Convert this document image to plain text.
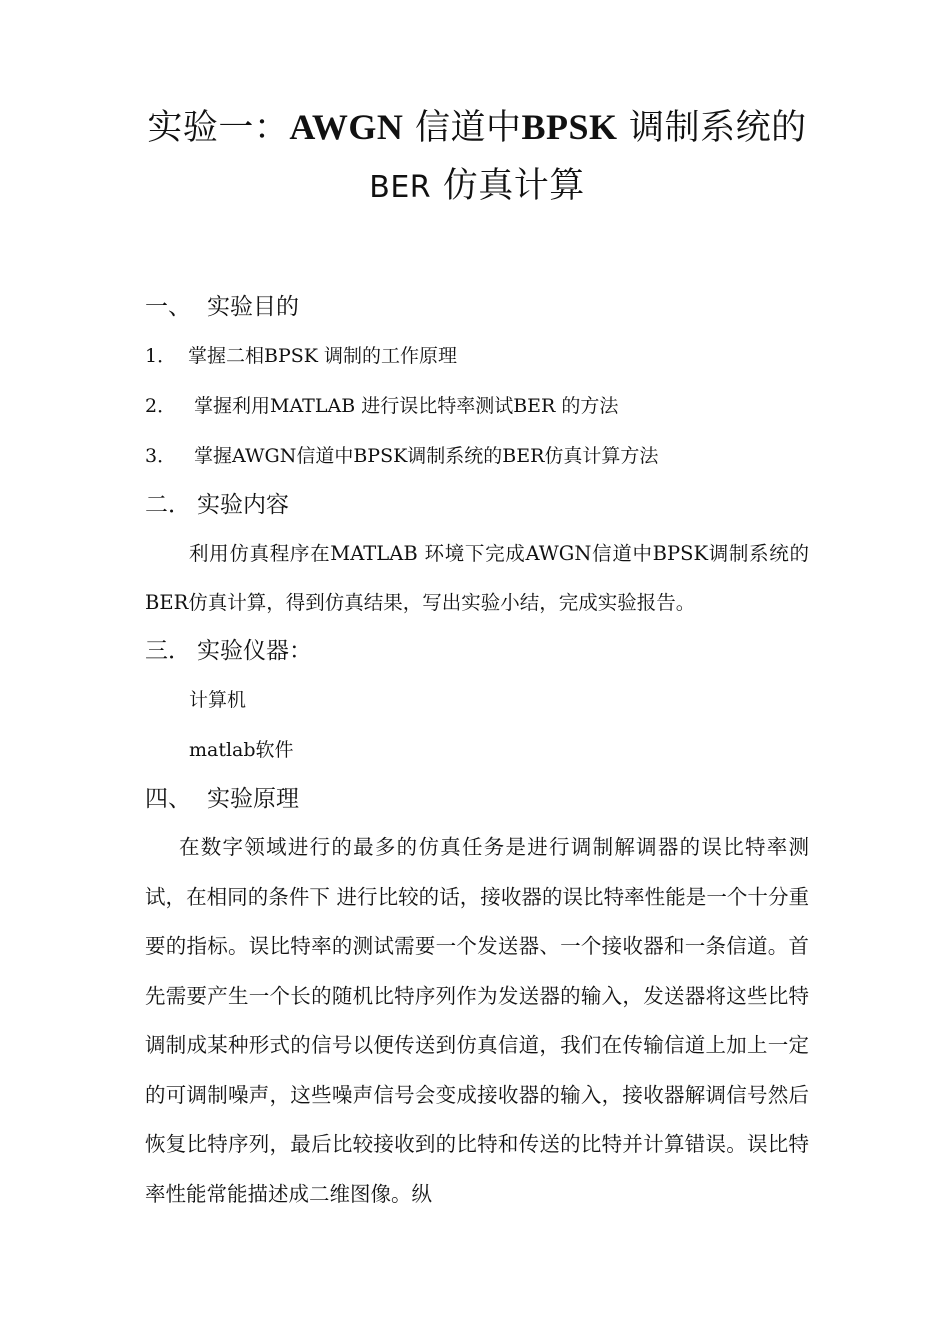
实验一：AWGN 信道中BPSK 调制系统的
BER 仿真计算
一、 实验目的

1． 掌握二相BPSK 调制的工作原理

2． 掌握利用MATLAB 进行误比特率测试BER 的方法

3． 掌握AWGN信道中BPSK调制系统的BER仿真计算方法

二． 实验内容

利用仿真程序在MATLAB 环境下完成AWGN信道中BPSK调制系统的BER仿真计算，得到仿真结果，写出实验小结，完成实验报告。

三． 实验仪器：

计算机

matlab软件

四、 实验原理

在数字领域进行的最多的仿真任务是进行调制解调器的误比特率测试，在相同的条件下 进行比较的话，接收器的误比特率性能是一个十分重要的指标。误比特率的测试需要一个发送器、一个接收器和一条信道。首先需要产生一个长的随机比特序列作为发送器的输入，发送器将这些比特调制成某种形式的信号以便传送到仿真信道，我们在传输信道上加上一定的可调制噪声，这些噪声信号会变成接收器的输入，接收器解调信号然后恢复比特序列，最后比较接收到的比特和传送的比特并计算错误。误比特率性能常能描述成二维图像。纵
